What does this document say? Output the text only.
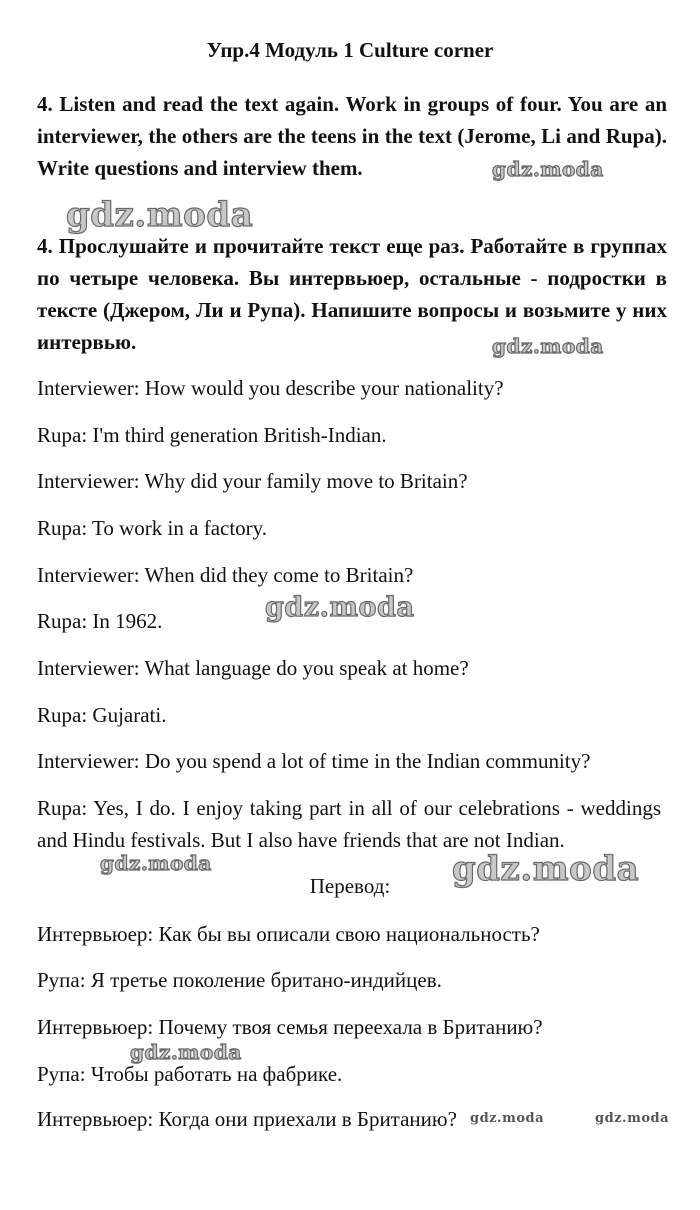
Упр.4 Модуль 1 Culture corner

4. Listen and read the text again. Work in groups of four. You are an interviewer, the others are the teens in the text (Jerome, Li and Rupa). Write questions and interview them.

4. Прослушайте и прочитайте текст еще раз. Работайте в группах по четыре человека. Вы интервьюер, остальные - подростки в тексте (Джером, Ли и Рупа). Напишите вопросы и возьмите у них интервью.

Interviewer: How would you describe your nationality?

Rupa: I'm third generation British-Indian.

Interviewer: Why did your family move to Britain?

Rupa: To work in a factory.

Interviewer: When did they come to Britain?

Rupa: In 1962.

Interviewer: What language do you speak at home?

Rupa: Gujarati.

Interviewer: Do you spend a lot of time in the Indian community?

Rupa: Yes, I do. I enjoy taking part in all of our celebrations - weddings and Hindu festivals. But I also have friends that are not Indian.

Перевод:

Интервьюер: Как бы вы описали свою национальность?

Рупа: Я третье поколение британо-индийцев.

Интервьюер: Почему твоя семья переехала в Британию?

Рупа: Чтобы работать на фабрике.

Интервьюер: Когда они приехали в Британию?

gdz.moda
gdz.moda
gdz.moda
gdz.moda
gdz.moda	gdz.moda
gdz.moda
gdz.moda	gdz.moda
